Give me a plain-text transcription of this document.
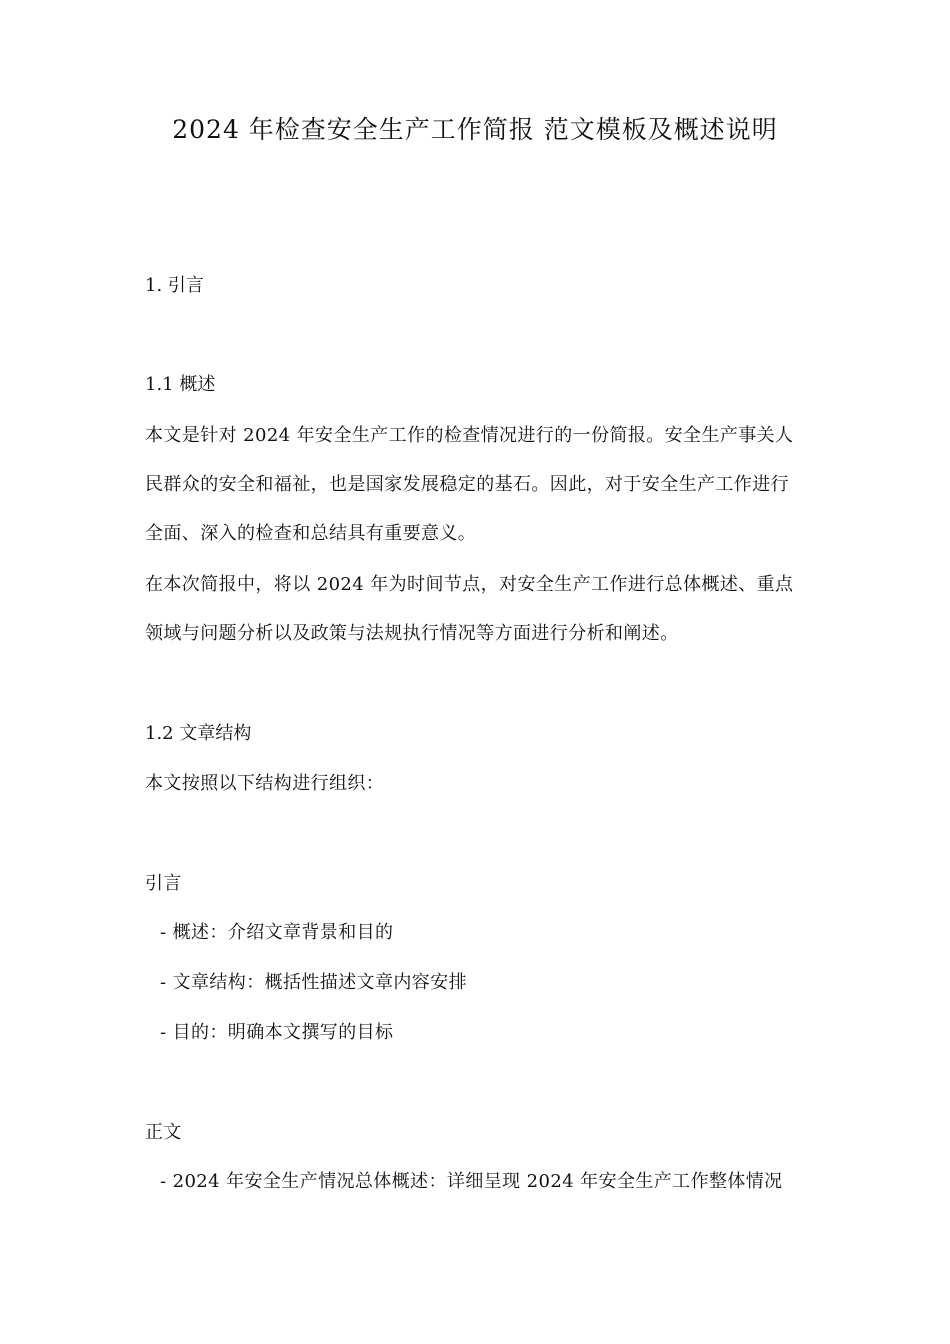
2024 年检查安全生产工作简报 范文模板及概述说明
1. 引言
1.1 概述
本文是针对 2024 年安全生产工作的检查情况进行的一份简报。安全生产事关人
民群众的安全和福祉，也是国家发展稳定的基石。因此，对于安全生产工作进行
全面、深入的检查和总结具有重要意义。
在本次简报中，将以 2024 年为时间节点，对安全生产工作进行总体概述、重点
领域与问题分析以及政策与法规执行情况等方面进行分析和阐述。
1.2 文章结构
本文按照以下结构进行组织：
引言
- 概述：介绍文章背景和目的
- 文章结构：概括性描述文章内容安排
- 目的：明确本文撰写的目标
正文
- 2024 年安全生产情况总体概述：详细呈现 2024 年安全生产工作整体情况
